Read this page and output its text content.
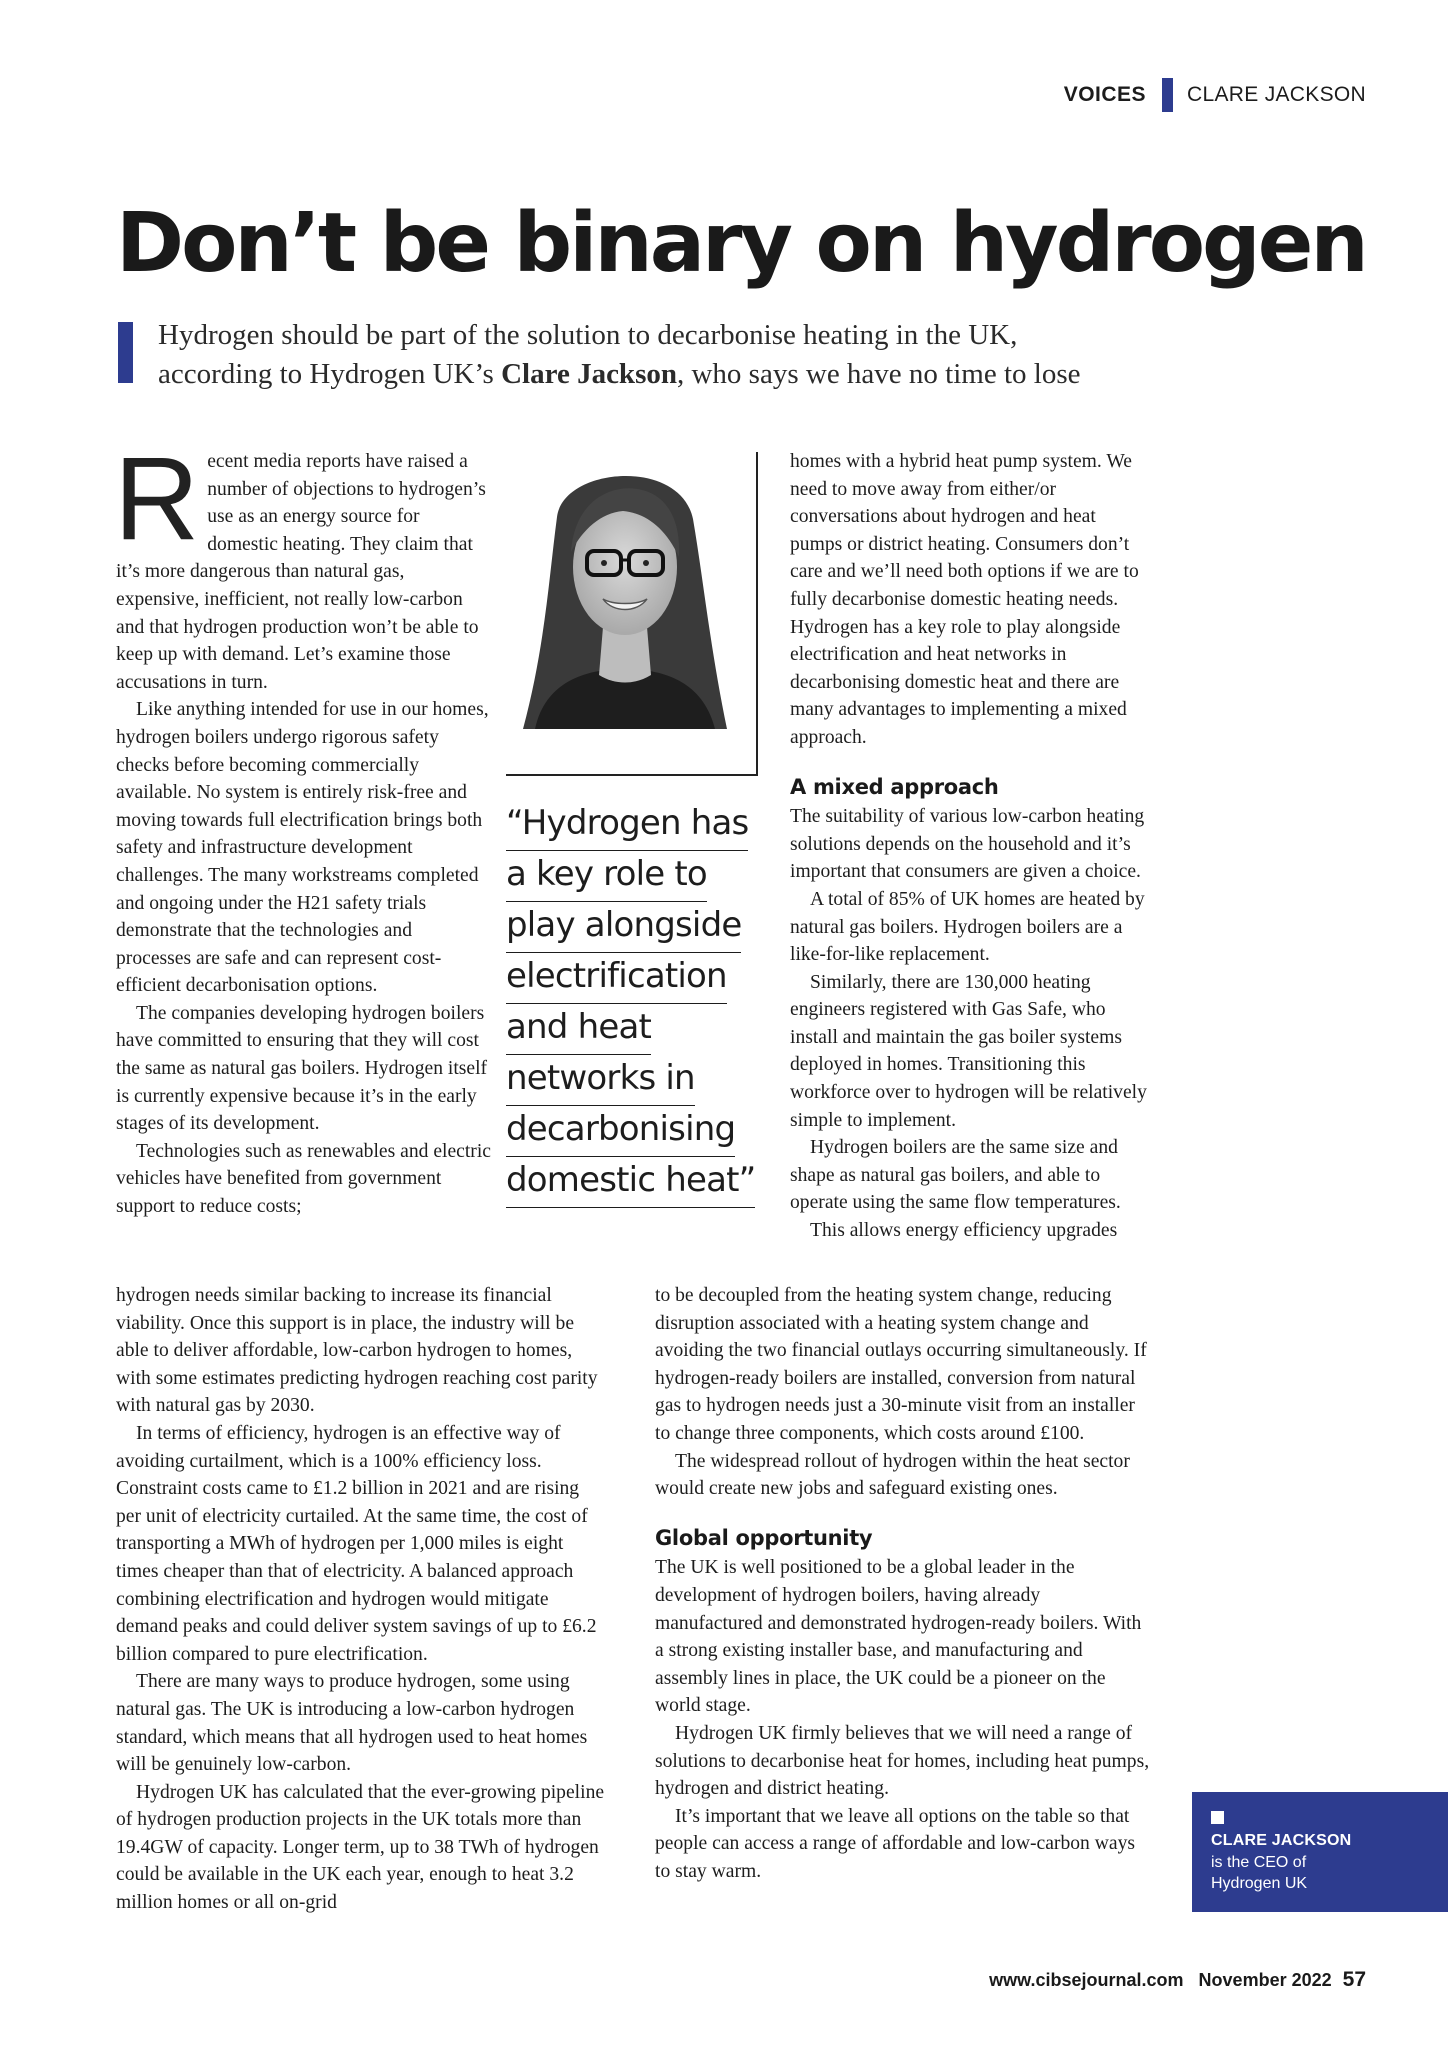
VOICES CLARE JACKSON
Don’t be binary on hydrogen
Hydrogen should be part of the solution to decarbonise heating in the UK,
according to Hydrogen UK’s Clare Jackson, who says we have no time to lose
R ecent media reports have raised a number of objections to hydrogen’s use as an energy source for domestic heating. They claim that it’s more dangerous than natural gas, expensive, inefficient, not really low-carbon and that hydrogen production won’t be able to keep up with demand. Let’s examine those accusations in turn.

Like anything intended for use in our homes, hydrogen boilers undergo rigorous safety checks before becoming commercially available. No system is entirely risk-free and moving towards full electrification brings both safety and infrastructure development challenges. The many workstreams completed and ongoing under the H21 safety trials demonstrate that the technologies and processes are safe and can represent cost-efficient decarbonisation options.

The companies developing hydrogen boilers have committed to ensuring that they will cost the same as natural gas boilers. Hydrogen itself is currently expensive because it’s in the early stages of its development.

Technologies such as renewables and electric vehicles have benefited from government support to reduce costs;

“Hydrogen has
a key role to
play alongside
electrification
and heat
networks in
decarbonising
domestic heat”

homes with a hybrid heat pump system. We need to move away from either/or conversations about hydrogen and heat pumps or district heating. Consumers don’t care and we’ll need both options if we are to fully decarbonise domestic heating needs. Hydrogen has a key role to play alongside electrification and heat networks in decarbonising domestic heat and there are many advantages to implementing a mixed approach.

A mixed approach

The suitability of various low-carbon heating solutions depends on the household and it’s important that consumers are given a choice.

A total of 85% of UK homes are heated by natural gas boilers. Hydrogen boilers are a like-for-like replacement.

Similarly, there are 130,000 heating engineers registered with Gas Safe, who install and maintain the gas boiler systems deployed in homes. Transitioning this workforce over to hydrogen will be relatively simple to implement.

Hydrogen boilers are the same size and shape as natural gas boilers, and able to operate using the same flow temperatures.

This allows energy efficiency upgrades

hydrogen needs similar backing to increase its financial viability. Once this support is in place, the industry will be able to deliver affordable, low-carbon hydrogen to homes, with some estimates predicting hydrogen reaching cost parity with natural gas by 2030.

In terms of efficiency, hydrogen is an effective way of avoiding curtailment, which is a 100% efficiency loss. Constraint costs came to £1.2 billion in 2021 and are rising per unit of electricity curtailed. At the same time, the cost of transporting a MWh of hydrogen per 1,000 miles is eight times cheaper than that of electricity. A balanced approach combining electrification and hydrogen would mitigate demand peaks and could deliver system savings of up to £6.2 billion compared to pure electrification.

There are many ways to produce hydrogen, some using natural gas. The UK is introducing a low-carbon hydrogen standard, which means that all hydrogen used to heat homes will be genuinely low-carbon.

Hydrogen UK has calculated that the ever-growing pipeline of hydrogen production projects in the UK totals more than 19.4GW of capacity. Longer term, up to 38 TWh of hydrogen could be available in the UK each year, enough to heat 3.2 million homes or all on-grid

to be decoupled from the heating system change, reducing disruption associated with a heating system change and avoiding the two financial outlays occurring simultaneously. If hydrogen-ready boilers are installed, conversion from natural gas to hydrogen needs just a 30-minute visit from an installer to change three components, which costs around £100.

The widespread rollout of hydrogen within the heat sector would create new jobs and safeguard existing ones.

Global opportunity

The UK is well positioned to be a global leader in the development of hydrogen boilers, having already manufactured and demonstrated hydrogen-ready boilers. With a strong existing installer base, and manufacturing and assembly lines in place, the UK could be a pioneer on the world stage.

Hydrogen UK firmly believes that we will need a range of solutions to decarbonise heat for homes, including heat pumps, hydrogen and district heating.

It’s important that we leave all options on the table so that people can access a range of affordable and low-carbon ways to stay warm.

CLARE JACKSON
is the CEO of Hydrogen UK
www.cibsejournal.com November 2022 57
